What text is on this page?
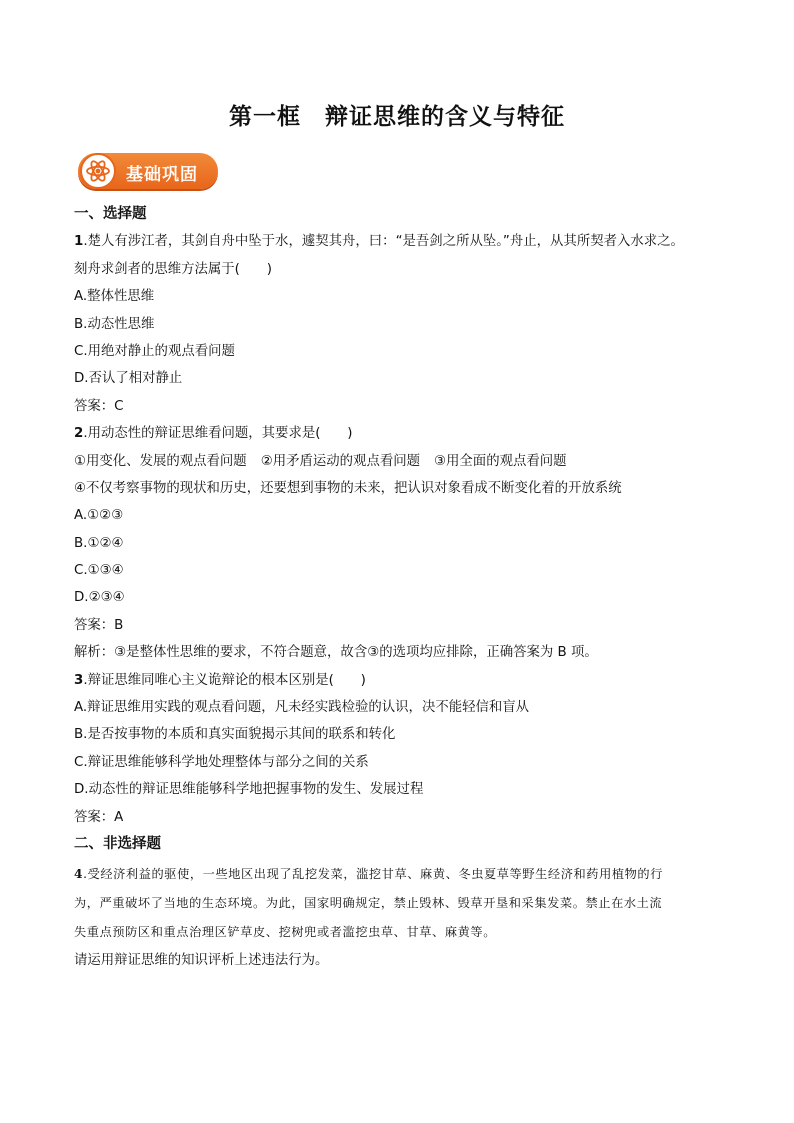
第一框　辩证思维的含义与特征
基础巩固
一、选择题
1.楚人有涉江者，其剑自舟中坠于水，遽契其舟，曰：“是吾剑之所从坠。”舟止，从其所契者入水求之。
刻舟求剑者的思维方法属于(　　)
A.整体性思维
B.动态性思维
C.用绝对静止的观点看问题
D.否认了相对静止
答案：C
2.用动态性的辩证思维看问题，其要求是(　　)
①用变化、发展的观点看问题 ②用矛盾运动的观点看问题 ③用全面的观点看问题
④不仅考察事物的现状和历史，还要想到事物的未来，把认识对象看成不断变化着的开放系统
A.①②③
B.①②④
C.①③④
D.②③④
答案：B
解析：③是整体性思维的要求，不符合题意，故含③的选项均应排除，正确答案为 B 项。
3.辩证思维同唯心主义诡辩论的根本区别是(　　)
A.辩证思维用实践的观点看问题，凡未经实践检验的认识，决不能轻信和盲从
B.是否按事物的本质和真实面貌揭示其间的联系和转化
C.辩证思维能够科学地处理整体与部分之间的关系
D.动态性的辩证思维能够科学地把握事物的发生、发展过程
答案：A
二、非选择题
4.受经济利益的驱使，一些地区出现了乱挖发菜，滥挖甘草、麻黄、冬虫夏草等野生经济和药用植物的行
为，严重破坏了当地的生态环境。为此，国家明确规定，禁止毁林、毁草开垦和采集发菜。禁止在水土流
失重点预防区和重点治理区铲草皮、挖树兜或者滥挖虫草、甘草、麻黄等。
请运用辩证思维的知识评析上述违法行为。
